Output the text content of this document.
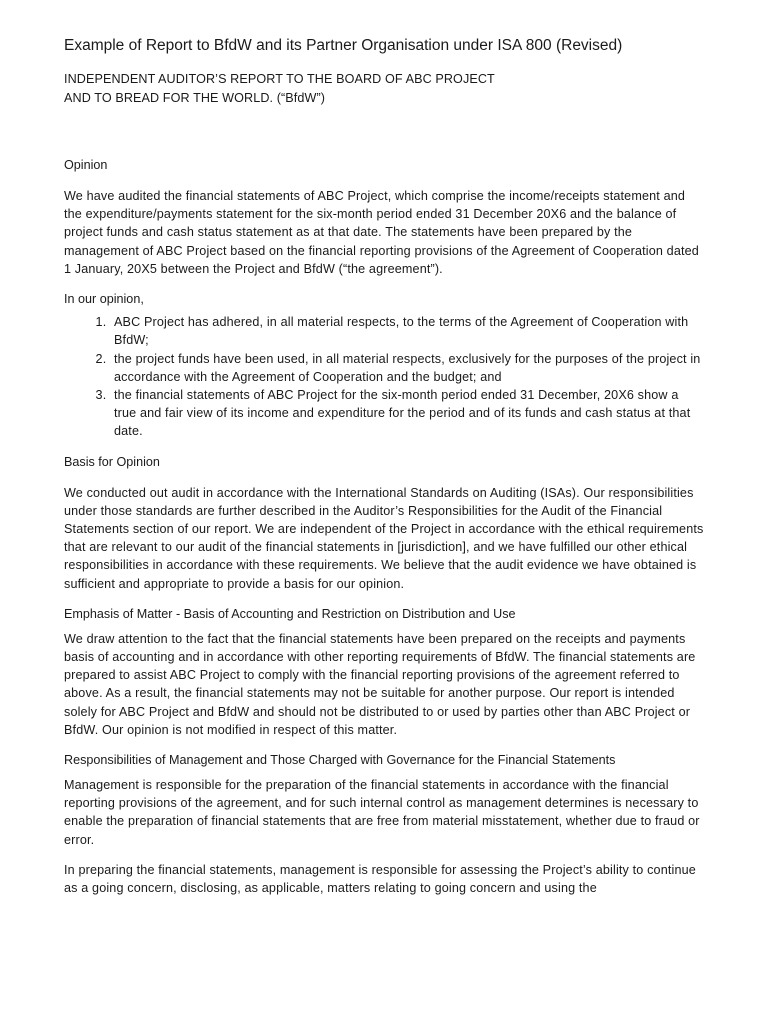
Example of Report to BfdW and its Partner Organisation under ISA 800 (Revised)

INDEPENDENT AUDITOR’S REPORT TO THE BOARD OF ABC PROJECT

AND TO BREAD FOR THE WORLD. (“BfdW”)

Opinion

We have audited the financial statements of ABC Project, which comprise the income/receipts statement and the expenditure/payments statement for the six-month period ended 31 December 20X6 and the balance of project funds and cash status statement as at that date. The statements have been prepared by the management of ABC Project based on the financial reporting provisions of the Agreement of Cooperation dated 1 January, 20X5 between the Project and BfdW (“the agreement”).

In our opinion,

1. ABC Project has adhered, in all material respects, to the terms of the Agreement of Cooperation with BfdW;
2. the project funds have been used, in all material respects, exclusively for the purposes of the project in accordance with the Agreement of Cooperation and the budget; and
3. the financial statements of ABC Project for the six-month period ended 31 December, 20X6 show a true and fair view of its income and expenditure for the period and of its funds and cash status at that date.
Basis for Opinion

We conducted out audit in accordance with the International Standards on Auditing (ISAs). Our responsibilities under those standards are further described in the Auditor’s Responsibilities for the Audit of the Financial Statements section of our report. We are independent of the Project in accordance with the ethical requirements that are relevant to our audit of the financial statements in [jurisdiction], and we have fulfilled our other ethical responsibilities in accordance with these requirements. We believe that the audit evidence we have obtained is sufficient and appropriate to provide a basis for our opinion.

Emphasis of Matter - Basis of Accounting and Restriction on Distribution and Use

We draw attention to the fact that the financial statements have been prepared on the receipts and payments basis of accounting and in accordance with other reporting requirements of BfdW. The financial statements are prepared to assist ABC Project to comply with the financial reporting provisions of the agreement referred to above. As a result, the financial statements may not be suitable for another purpose. Our report is intended solely for ABC Project and BfdW and should not be distributed to or used by parties other than ABC Project or BfdW. Our opinion is not modified in respect of this matter.

Responsibilities of Management and Those Charged with Governance for the Financial Statements

Management is responsible for the preparation of the financial statements in accordance with the financial reporting provisions of the agreement, and for such internal control as management determines is necessary to enable the preparation of financial statements that are free from material misstatement, whether due to fraud or error.

In preparing the financial statements, management is responsible for assessing the Project’s ability to continue as a going concern, disclosing, as applicable, matters relating to going concern and using the
